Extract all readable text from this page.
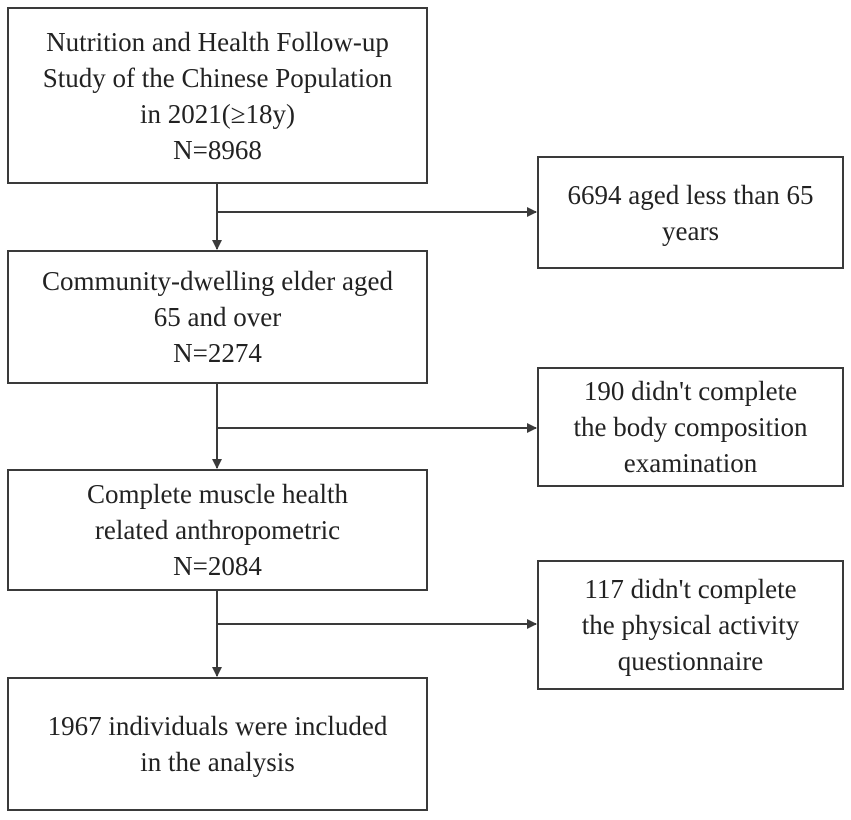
Nutrition and Health Follow-up
Study of the Chinese Population
in 2021(≥18y)
N=8968
Community-dwelling elder aged
65 and over
N=2274
Complete muscle health
related anthropometric
N=2084
1967 individuals were included
in the analysis
6694 aged less than 65
years
190 didn't complete
the body composition
examination
117 didn't complete
the physical activity
questionnaire
